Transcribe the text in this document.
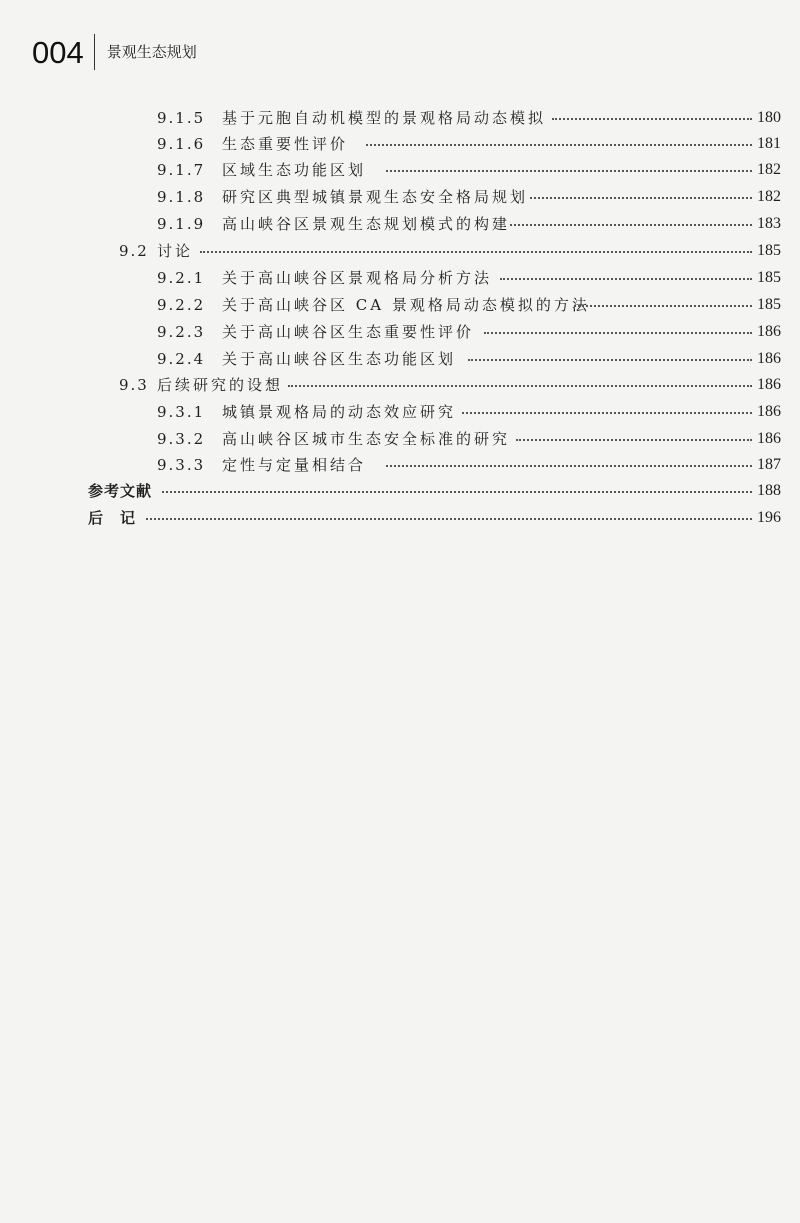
004 景观生态规划
9.1.5 基于元胞自动机模型的景观格局动态模拟	180
9.1.6 生态重要性评价	181
9.1.7 区域生态功能区划	182
9.1.8 研究区典型城镇景观生态安全格局规划	182
9.1.9 高山峡谷区景观生态规划模式的构建	183
9.2 讨论	185
9.2.1 关于高山峡谷区景观格局分析方法	185
9.2.2 关于高山峡谷区 CA 景观格局动态模拟的方法	185
9.2.3 关于高山峡谷区生态重要性评价	186
9.2.4 关于高山峡谷区生态功能区划	186
9.3 后续研究的设想	186
9.3.1 城镇景观格局的动态效应研究	186
9.3.2 高山峡谷区城市生态安全标准的研究	186
9.3.3 定性与定量相结合	187
参考文献	188
后　记	196
